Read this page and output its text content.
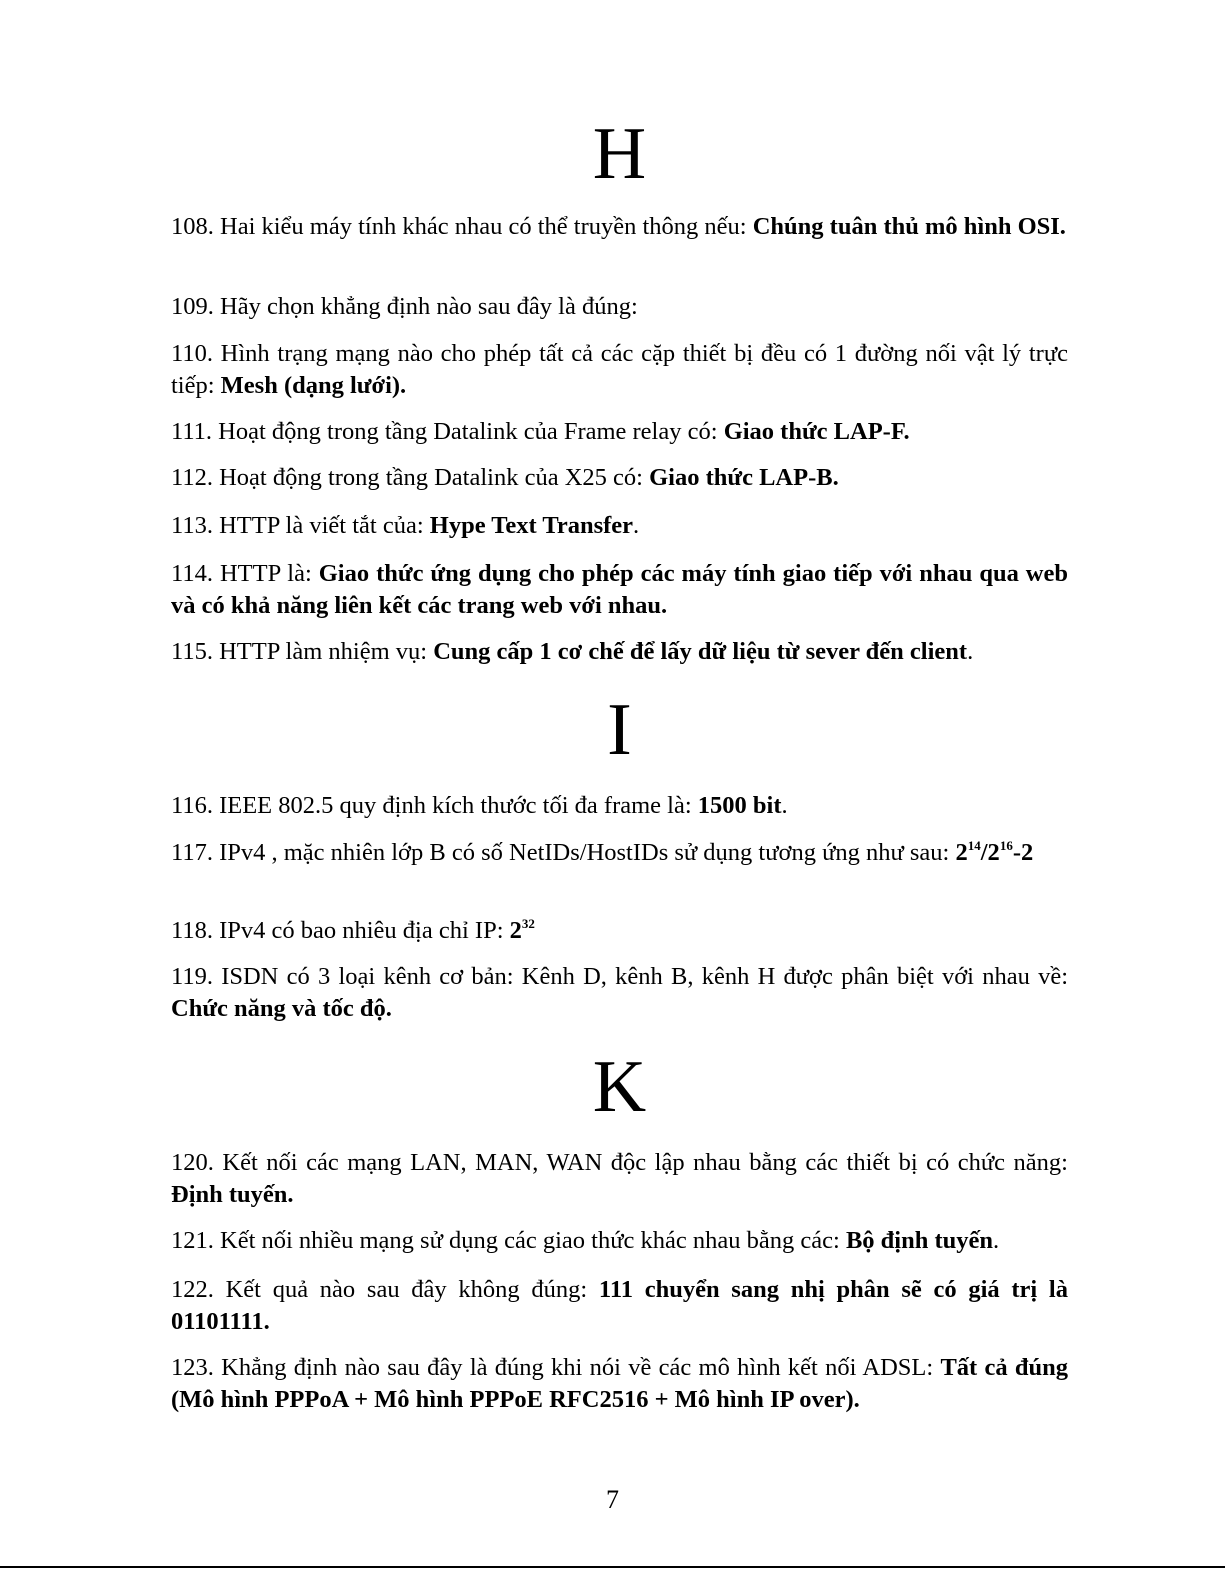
H
108. Hai kiểu máy tính khác nhau có thể truyền thông nếu: Chúng tuân thủ mô hình OSI.
109. Hãy chọn khẳng định nào sau đây là đúng:
110. Hình trạng mạng nào cho phép tất cả các cặp thiết bị đều có 1 đường nối vật lý trực tiếp: Mesh (dạng lưới).
111. Hoạt động trong tầng Datalink của Frame relay có: Giao thức LAP-F.
112. Hoạt động trong tầng Datalink của X25 có: Giao thức LAP-B.
113. HTTP là viết tắt của: Hype Text Transfer.
114. HTTP là: Giao thức ứng dụng cho phép các máy tính giao tiếp với nhau qua web và có khả năng liên kết các trang web với nhau.
115. HTTP làm nhiệm vụ: Cung cấp 1 cơ chế để lấy dữ liệu từ sever đến client.
I
116. IEEE 802.5 quy định kích thước tối đa frame là: 1500 bit.
117. IPv4 , mặc nhiên lớp B có số NetIDs/HostIDs sử dụng tương ứng như sau: $2^{14}/2^{16}-2$
118. IPv4 có bao nhiêu địa chỉ IP: $2^{32}$
119. ISDN có 3 loại kênh cơ bản: Kênh D, kênh B, kênh H được phân biệt với nhau về: Chức năng và tốc độ.
K
120. Kết nối các mạng LAN, MAN, WAN độc lập nhau bằng các thiết bị có chức năng: Định tuyến.
121. Kết nối nhiều mạng sử dụng các giao thức khác nhau bằng các: Bộ định tuyến.
122. Kết quả nào sau đây không đúng: 111 chuyển sang nhị phân sẽ có giá trị là 01101111.
123. Khẳng định nào sau đây là đúng khi nói về các mô hình kết nối ADSL: Tất cả đúng (Mô hình PPPoA + Mô hình PPPoE RFC2516 + Mô hình IP over).
7
